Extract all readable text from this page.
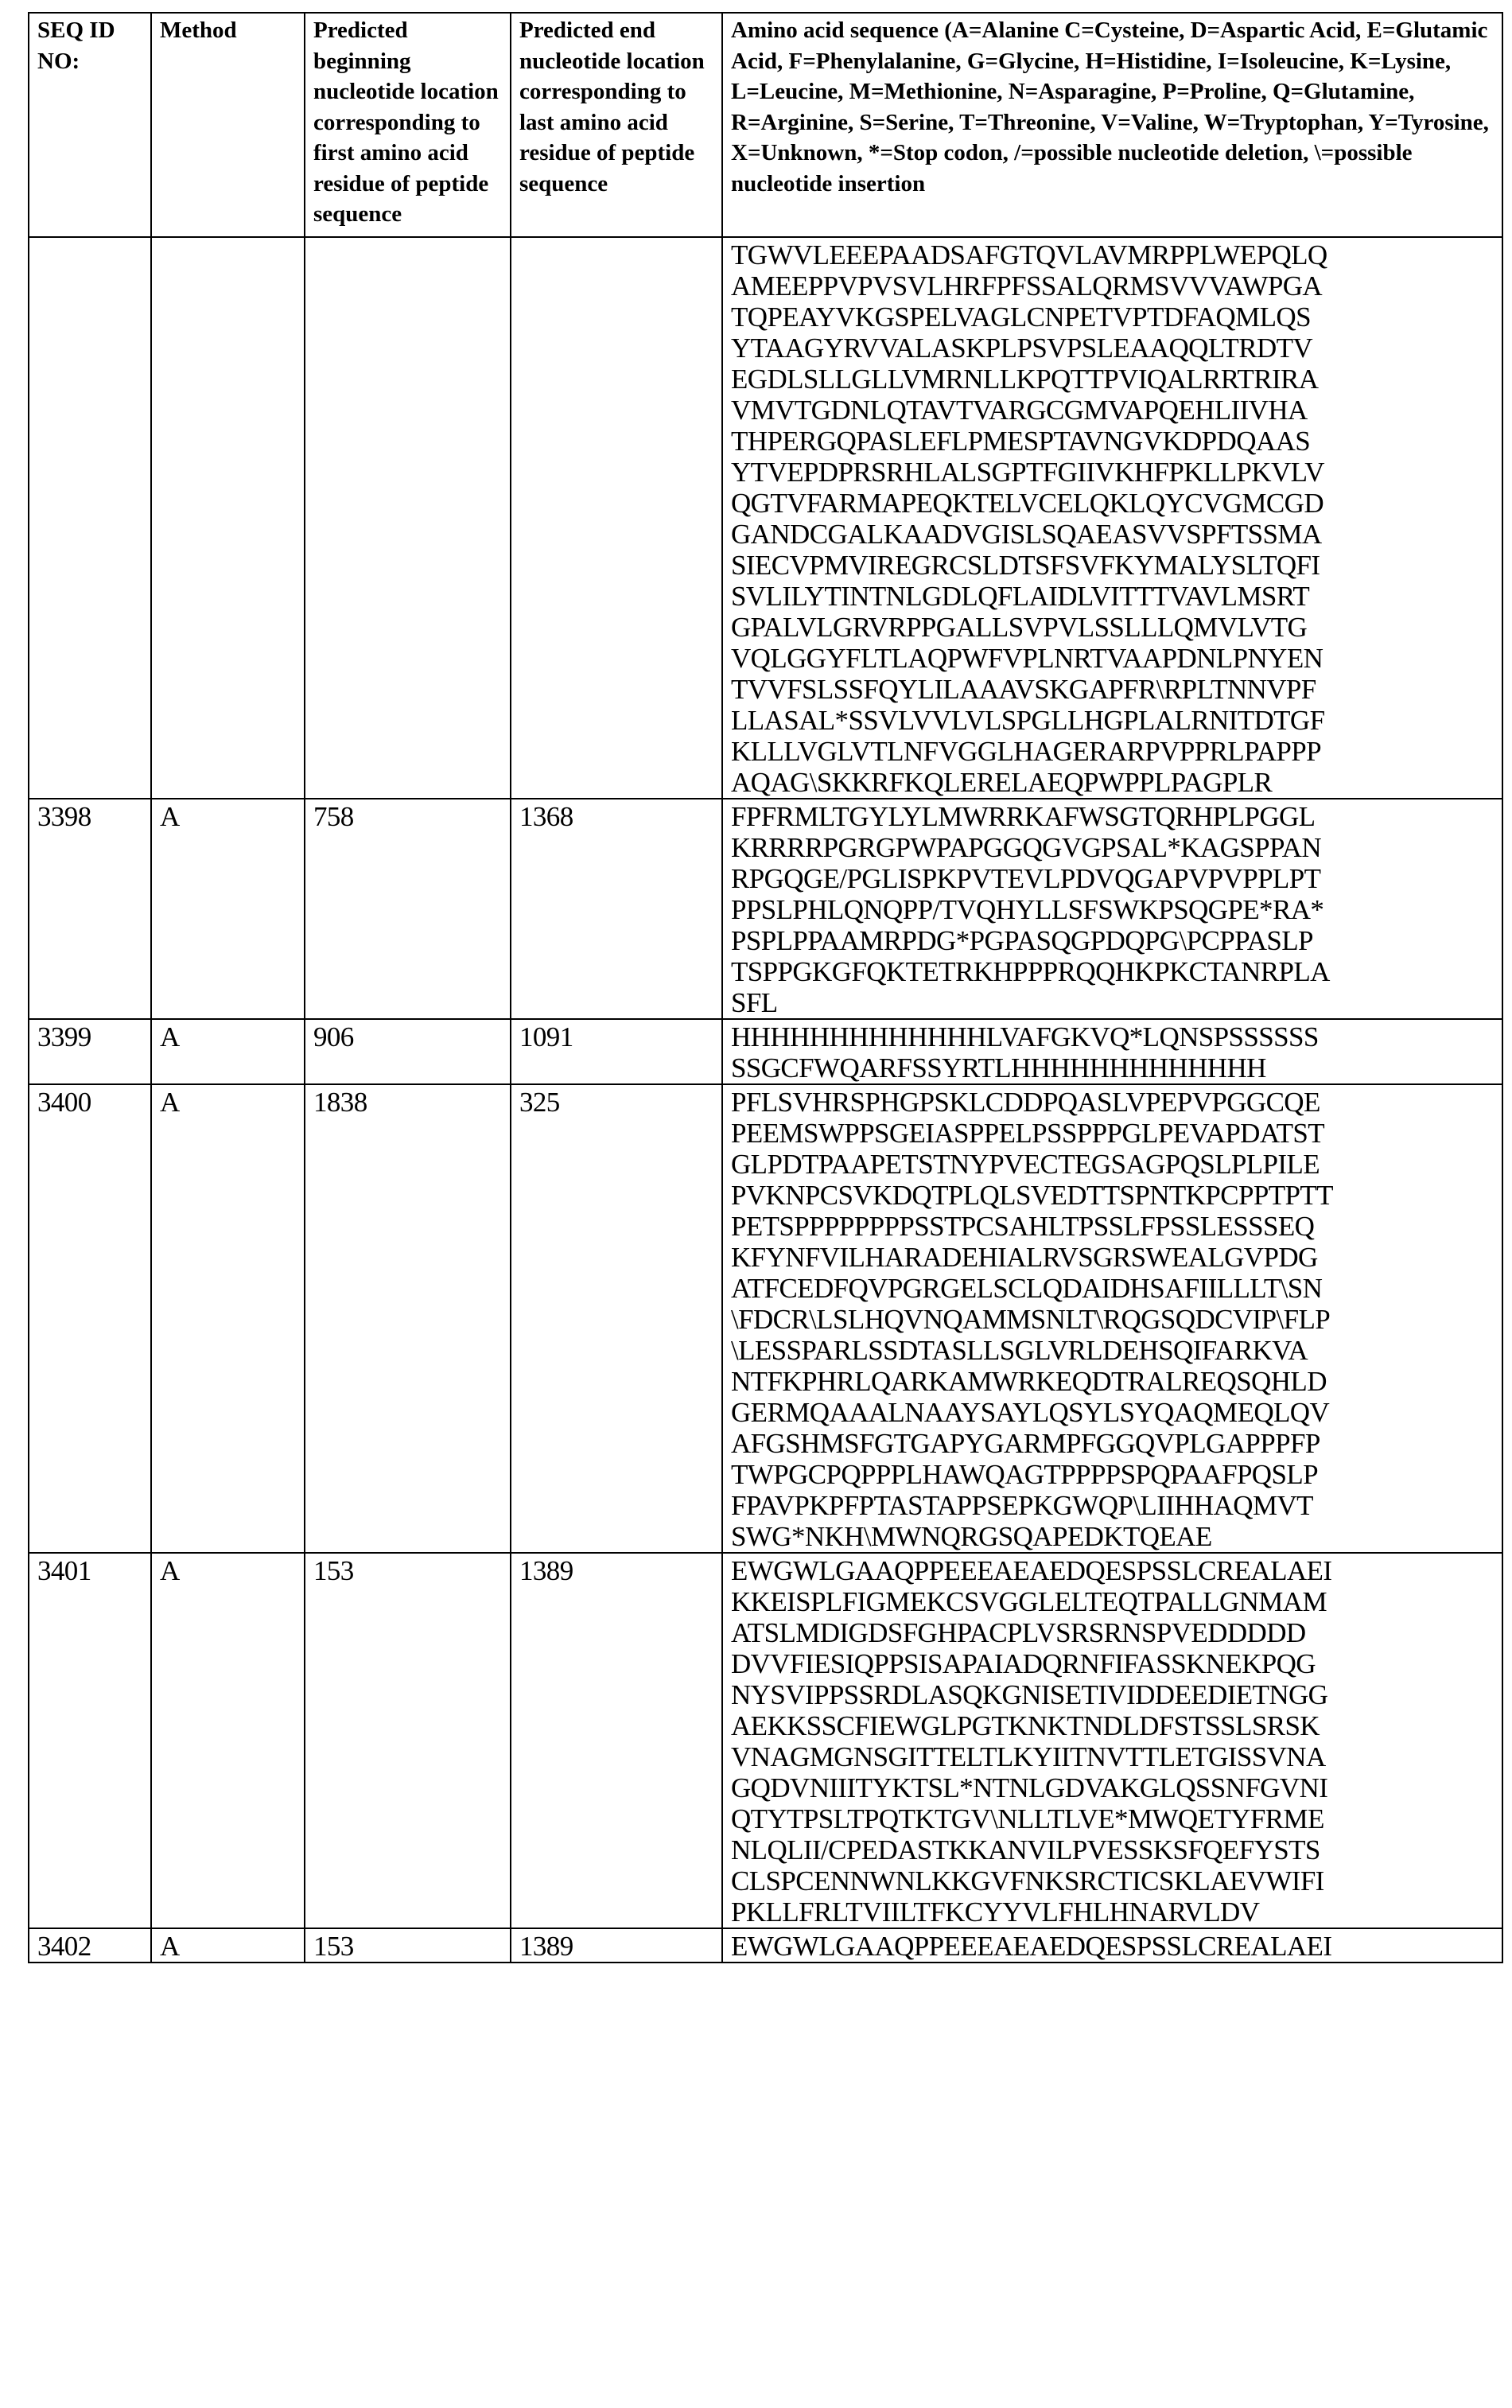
SEQ ID NO:	Method	Predicted beginning nucleotide location corresponding to first amino acid residue of peptide sequence	Predicted end nucleotide location corresponding to last amino acid residue of peptide sequence	Amino acid sequence (A=Alanine C=Cysteine, D=Aspartic Acid, E=Glutamic Acid, F=Phenylalanine, G=Glycine, H=Histidine, I=Isoleucine, K=Lysine, L=Leucine, M=Methionine, N=Asparagine, P=Proline, Q=Glutamine, R=Arginine, S=Serine, T=Threonine, V=Valine, W=Tryptophan, Y=Tyrosine, X=Unknown, *=Stop codon, /=possible nucleotide deletion, \=possible nucleotide insertion

TGWVLEEEPAADSAFGTQVLAVMRPPLWEPQLQ
AMEEPPVPVSVLHRFPFSSALQRMSVVVAWPGA
TQPEAYVKGSPELVAGLCNPETVPTDFAQMLQS
YTAAGYRVVALASKPLPSVPSLEAAQQLTRDTV
EGDLSLLGLLVMRNLLKPQTTPVIQALRRTRIRA
VMVTGDNLQTAVTVARGCGMVAPQEHLIIVHA
THPERGQPASLEFLPMESPTAVNGVKDPDQAAS
YTVEPDPRSRHLALSGPTFGIIVKHFPKLLPKVLV
QGTVFARMAPEQKTELVCELQKLQYCVGMCGD
GANDCGALKAADVGISLSQAEASVVSPFTSSMA
SIECVPMVIREGRCSLDTSFSVFKYMALYSLTQFI
SVLILYTINTNLGDLQFLAIDLVITTTVAVLMSRT
GPALVLGRVRPPGALLSVPVLSSLLLQMVLVTG
VQLGGYFLTLAQPWFVPLNRTVAAPDNLPNYEN
TVVFSLSSFQYLILAAAVSKGAPFR\RPLTNNVPF
LLASAL*SSVLVVLVLSPGLLHGPLALRNITDTGF
KLLLVGLVTLNFVGGLHAGERARPVPPRLPAPPP
AQAG\SKKRFKQLERELAEQPWPPLPAGPLR

3398	A	758	1368	FPFRMLTGYLYLMWRRKAFWSGTQRHPLPGGL
KRRRRPGRGPWPAPGGQGVGPSAL*KAGSPPAN
RPGQGE/PGLISPKPVTEVLPDVQGAPVPVPPLPT
PPSLPHLQNQPP/TVQHYLLSFSWKPSQGPE*RA*
PSPLPPAAMRPDG*PGPASQGPDQPG\PCPPASLP
TSPPGKGFQKTETRKHPPPRQQHKPKCTANRPLA
SFL

3399	A	906	1091	HHHHHHHHHHHHHLVAFGKVQ*LQNSPSSSSSS
SSGCFWQARFSSYRTLHHHHHHHHHHHHH

3400	A	1838	325	PFLSVHRSPHGPSKLCDDPQASLVPEPVPGGCQE
PEEMSWPPSGEIASPPELPSSPPPGLPEVAPDATST
GLPDTPAAPETSTNYPVECTEGSAGPQSLPLPILE
PVKNPCSVKDQTPLQLSVEDTTSPNTKPCPPTPTT
PETSPPPPPPPPSSTPCSAHLTPSSLFPSSLESSSEQ
KFYNFVILHARADEHIALRVSGRSWEALGVPDG
ATFCEDFQVPGRGELSCLQDAIDHSAFIILLLT\SN
\FDCR\LSLHQVNQAMMSNLT\RQGSQDCVIP\FLP
\LESSPARLSSDTASLLSGLVRLDEHSQIFARKVA
NTFKPHRLQARKAMWRKEQDTRALREQSQHLD
GERMQAAALNAAYSAYLQSYLSYQAQMEQLQV
AFGSHMSFGTGAPYGARMPFGGQVPLGAPPPFP
TWPGCPQPPPLHAWQAGTPPPPSPQPAAFPQSLP
FPAVPKPFPTASTAPPSEPKGWQP\LIIHHAQMVT
SWG*NKH\MWNQRGSQAPEDKTQEAE

3401	A	153	1389	EWGWLGAAQPPEEEAEAEDQESPSSLCREALAEI
KKEISPLFIGMEKCSVGGLELTEQTPALLGNMAM
ATSLMDIGDSFGHPACPLVSRSRNSPVEDDDDD
DVVFIESIQPPSISAPAIADQRNFIFASSKNEKPQG
NYSVIPPSSRDLASQKGNISETIVIDDEEDIETNGG
AEKKSSCFIEWGLPGTKNKTNDLDFSTSSLSRSK
VNAGMGNSGITTELTLKYIITNVTTLETGISSVNA
GQDVNIIITYKTSL*NTNLGDVAKGLQSSNFGVNI
QTYTPSLTPQTKTGV\NLLTLVE*MWQETYFRME
NLQLII/CPEDASTKKANVILPVESSKSFQEFYSTS
CLSPCENNWNLKKGVFNKSRCTICSKLAEVWIFI
PKLLFRLTVIILTFKCYYVLFHLHNARVLDV

3402	A	153	1389	EWGWLGAAQPPEEEAEAEDQESPSSLCREALAEI
